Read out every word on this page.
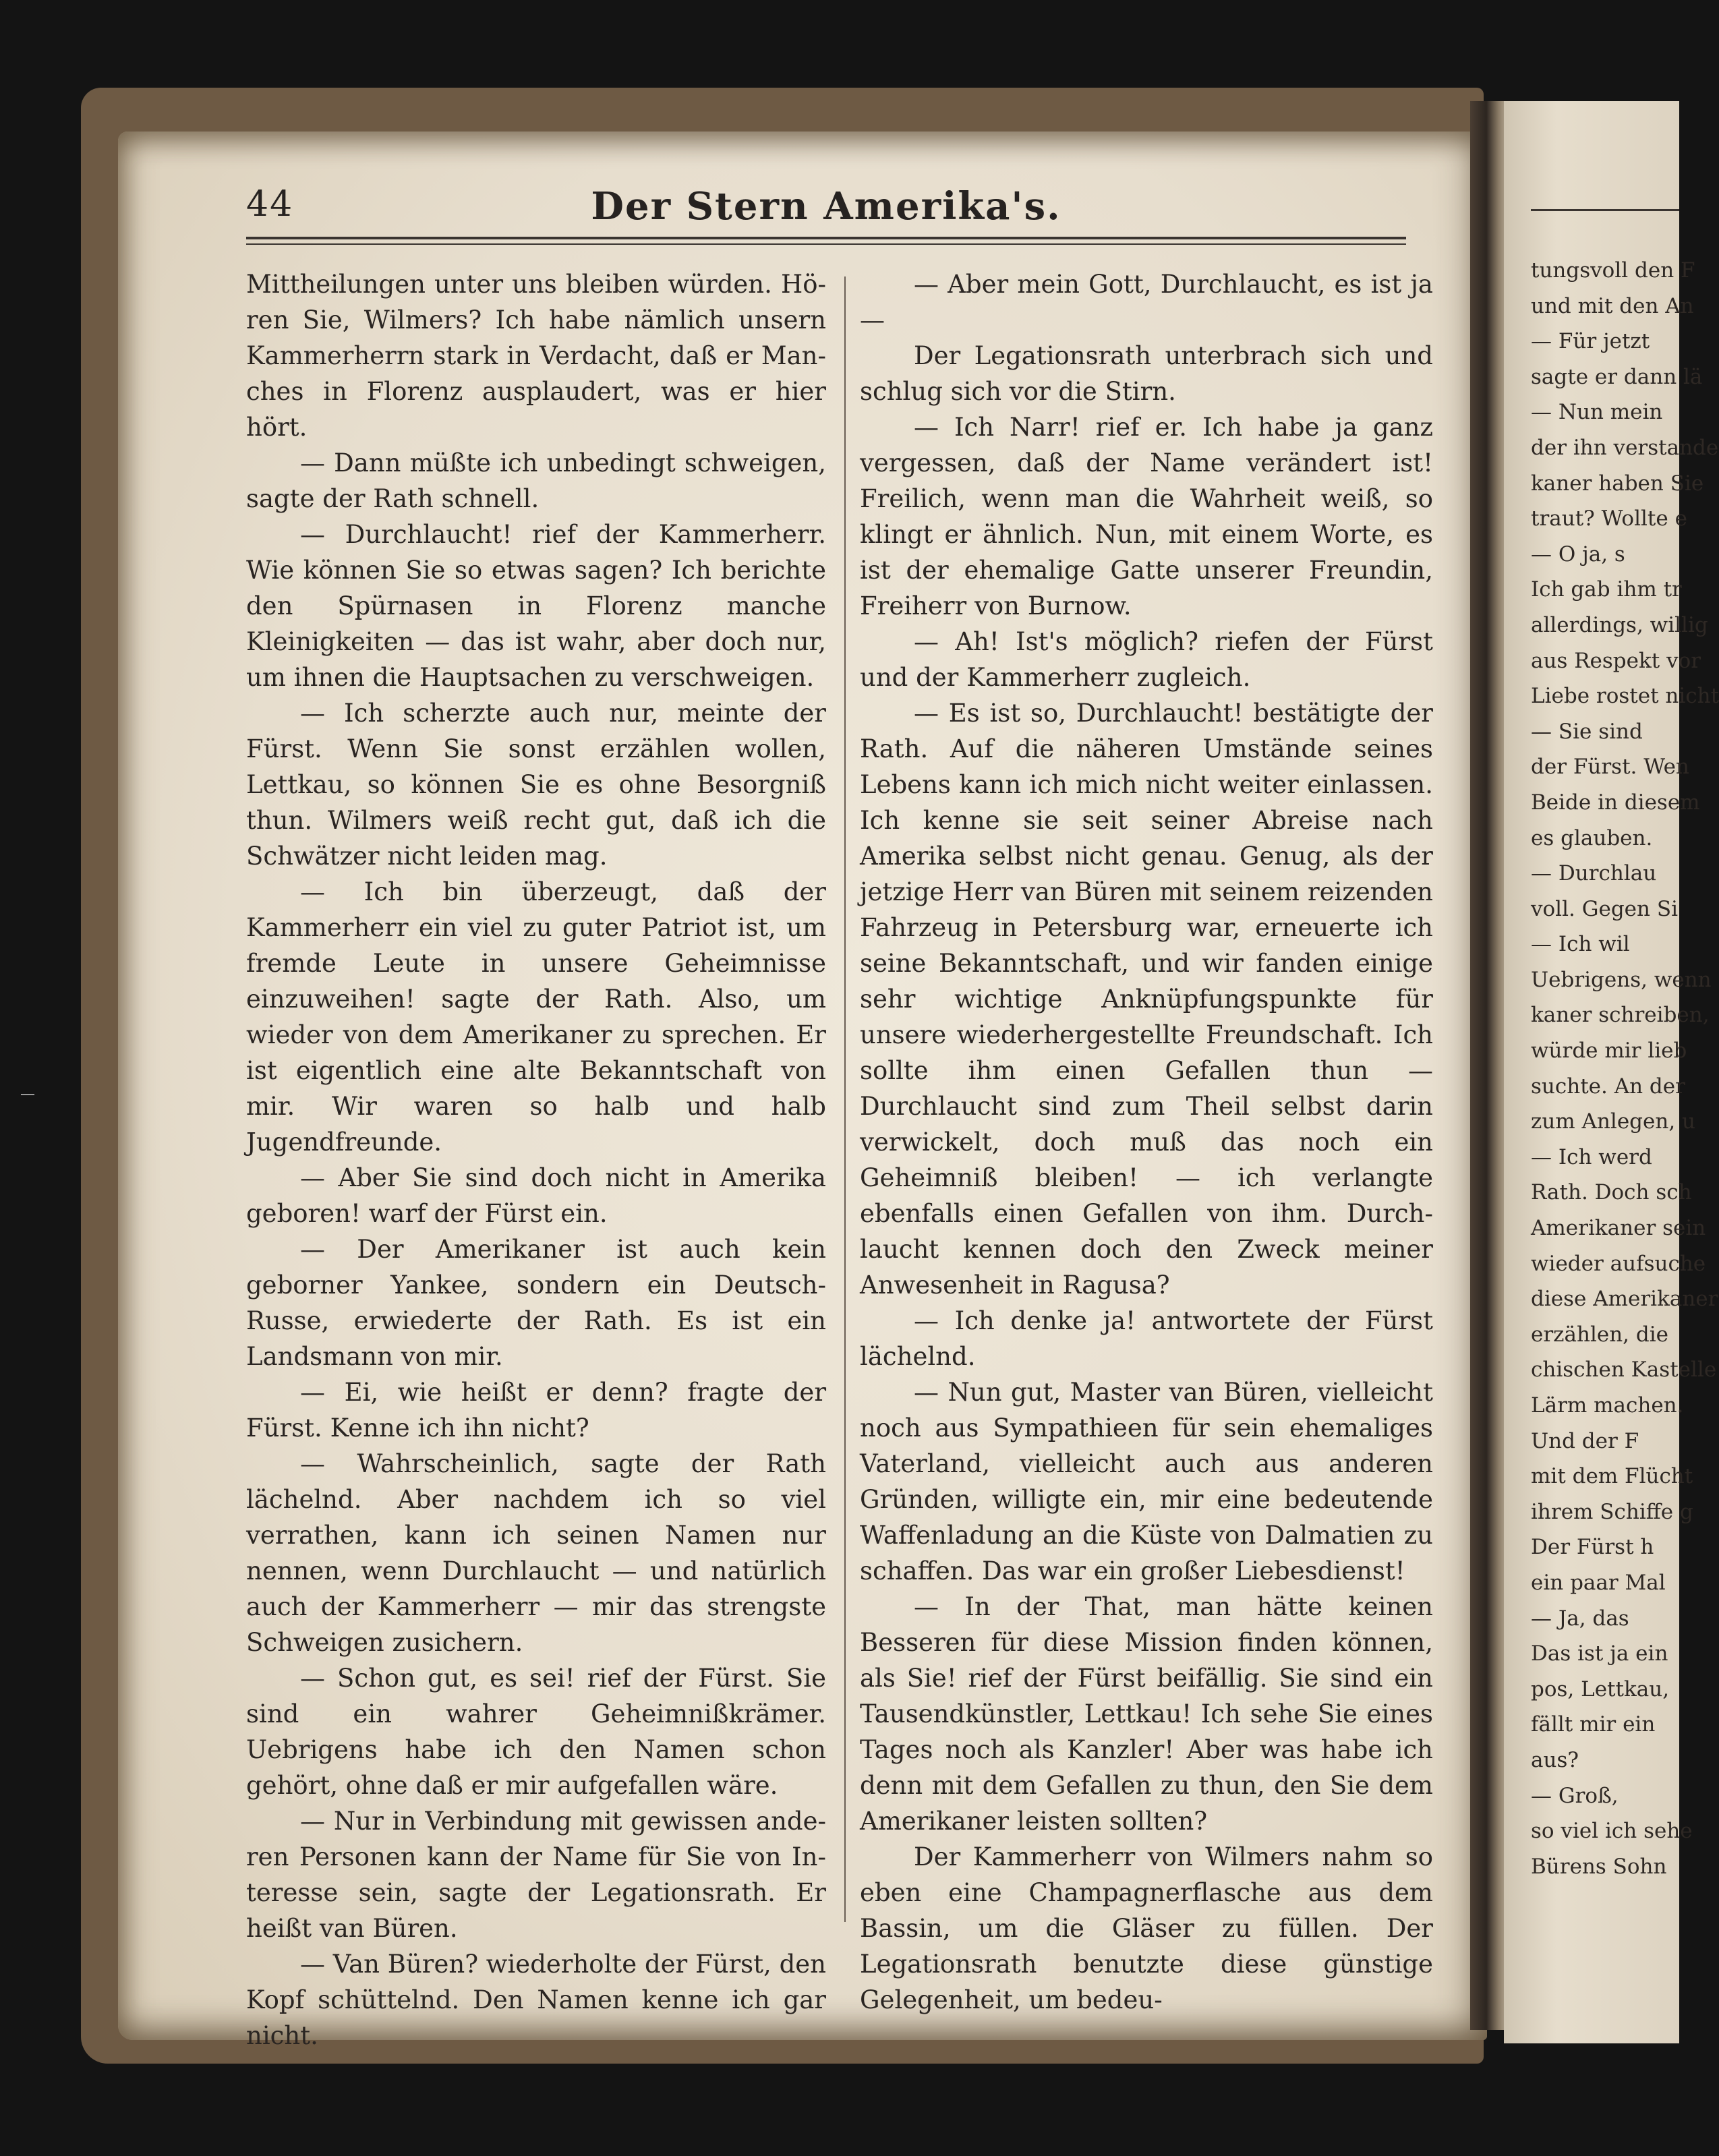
44	Der Stern Amerika's.

Mittheilungen unter uns bleiben würden. Hören Sie, Wilmers? Ich habe nämlich unsern Kammerherrn stark in Verdacht, daß er Manches in Florenz ausplaudert, was er hier hört.

— Dann müßte ich unbedingt schweigen, sagte der Rath schnell.

— Durchlaucht! rief der Kammerherr. Wie können Sie so etwas sagen? Ich berichte den Spürnasen in Florenz manche Kleinigkeiten — das ist wahr, aber doch nur, um ihnen die Hauptsachen zu verschweigen.

— Ich scherzte auch nur, meinte der Fürst. Wenn Sie sonst erzählen wollen, Lettkau, so können Sie es ohne Besorgniß thun. Wilmers weiß recht gut, daß ich die Schwätzer nicht leiden mag.

— Ich bin überzeugt, daß der Kammerherr ein viel zu guter Patriot ist, um fremde Leute in unsere Geheimnisse einzuweihen! sagte der Rath. Also, um wieder von dem Amerikaner zu sprechen. Er ist eigentlich eine alte Bekanntschaft von mir. Wir waren so halb und halb Jugendfreunde.

— Aber Sie sind doch nicht in Amerika geboren! warf der Fürst ein.

— Der Amerikaner ist auch kein geborner Yankee, sondern ein Deutsch-Russe, erwiederte der Rath. Es ist ein Landsmann von mir.

— Ei, wie heißt er denn? fragte der Fürst. Kenne ich ihn nicht?

— Wahrscheinlich, sagte der Rath lächelnd. Aber nachdem ich so viel verrathen, kann ich seinen Namen nur nennen, wenn Durchlaucht — und natürlich auch der Kammerherr — mir das strengste Schweigen zusichern.

— Schon gut, es sei! rief der Fürst. Sie sind ein wahrer Geheimnißkrämer. Uebrigens habe ich den Namen schon gehört, ohne daß er mir aufgefallen wäre.

— Nur in Verbindung mit gewissen anderen Personen kann der Name für Sie von Interesse sein, sagte der Legationsrath. Er heißt van Büren.

— Van Büren? wiederholte der Fürst, den Kopf schüttelnd. Den Namen kenne ich gar nicht.

— Aber mein Gott, Durchlaucht, es ist ja —

Der Legationsrath unterbrach sich und schlug sich vor die Stirn.

— Ich Narr! rief er. Ich habe ja ganz vergessen, daß der Name verändert ist! Freilich, wenn man die Wahrheit weiß, so klingt er ähnlich. Nun, mit einem Worte, es ist der ehemalige Gatte unserer Freundin, Freiherr von Burnow.

— Ah! Ist's möglich? riefen der Fürst und der Kammerherr zugleich.

— Es ist so, Durchlaucht! bestätigte der Rath. Auf die näheren Umstände seines Lebens kann ich mich nicht weiter einlassen. Ich kenne sie seit seiner Abreise nach Amerika selbst nicht genau. Genug, als der jetzige Herr van Büren mit seinem reizenden Fahrzeug in Petersburg war, erneuerte ich seine Bekanntschaft, und wir fanden einige sehr wichtige Anknüpfungspunkte für unsere wiederhergestellte Freundschaft. Ich sollte ihm einen Gefallen thun — Durchlaucht sind zum Theil selbst darin verwickelt, doch muß das noch ein Geheimniß bleiben! — ich verlangte ebenfalls einen Gefallen von ihm. Durchlaucht kennen doch den Zweck meiner Anwesenheit in Ragusa?

— Ich denke ja! antwortete der Fürst lächelnd.

— Nun gut, Master van Büren, vielleicht noch aus Sympathieen für sein ehemaliges Vaterland, vielleicht auch aus anderen Gründen, willigte ein, mir eine bedeutende Waffenladung an die Küste von Dalmatien zu schaffen. Das war ein großer Liebesdienst!

— In der That, man hätte keinen Besseren für diese Mission finden können, als Sie! rief der Fürst beifällig. Sie sind ein Tausendkünstler, Lettkau! Ich sehe Sie eines Tages noch als Kanzler! Aber was habe ich denn mit dem Gefallen zu thun, den Sie dem Amerikaner leisten sollten?

Der Kammerherr von Wilmers nahm so eben eine Champagnerflasche aus dem Bassin, um die Gläser zu füllen. Der Legationsrath benutzte diese günstige Gelegenheit, um bedeu-

tungsvoll den F
und mit den An
— Für jetzt
sagte er dann lä
— Nun mein
der ihn verstande
kaner haben Sie
traut? Wollte e
— O ja, s
Ich gab ihm tr
allerdings, willig
aus Respekt vor
Liebe rostet nicht
— Sie sind
der Fürst. Wen
Beide in diesem
es glauben.
— Durchlau
voll. Gegen Si
— Ich wil
Uebrigens, wenn
kaner schreiben,
würde mir lieb
suchte. An der
zum Anlegen, u
— Ich werd
Rath. Doch sch
Amerikaner sein
wieder aufsuche
diese Amerikaner
erzählen, die
chischen Kastelle
Lärm machen.
Und der F
mit dem Flücht
ihrem Schiffe g
Der Fürst h
ein paar Mal
— Ja, das
Das ist ja ein
pos, Lettkau,
fällt mir ein
aus?
— Groß,
so viel ich sehe
Bürens Sohn
—
